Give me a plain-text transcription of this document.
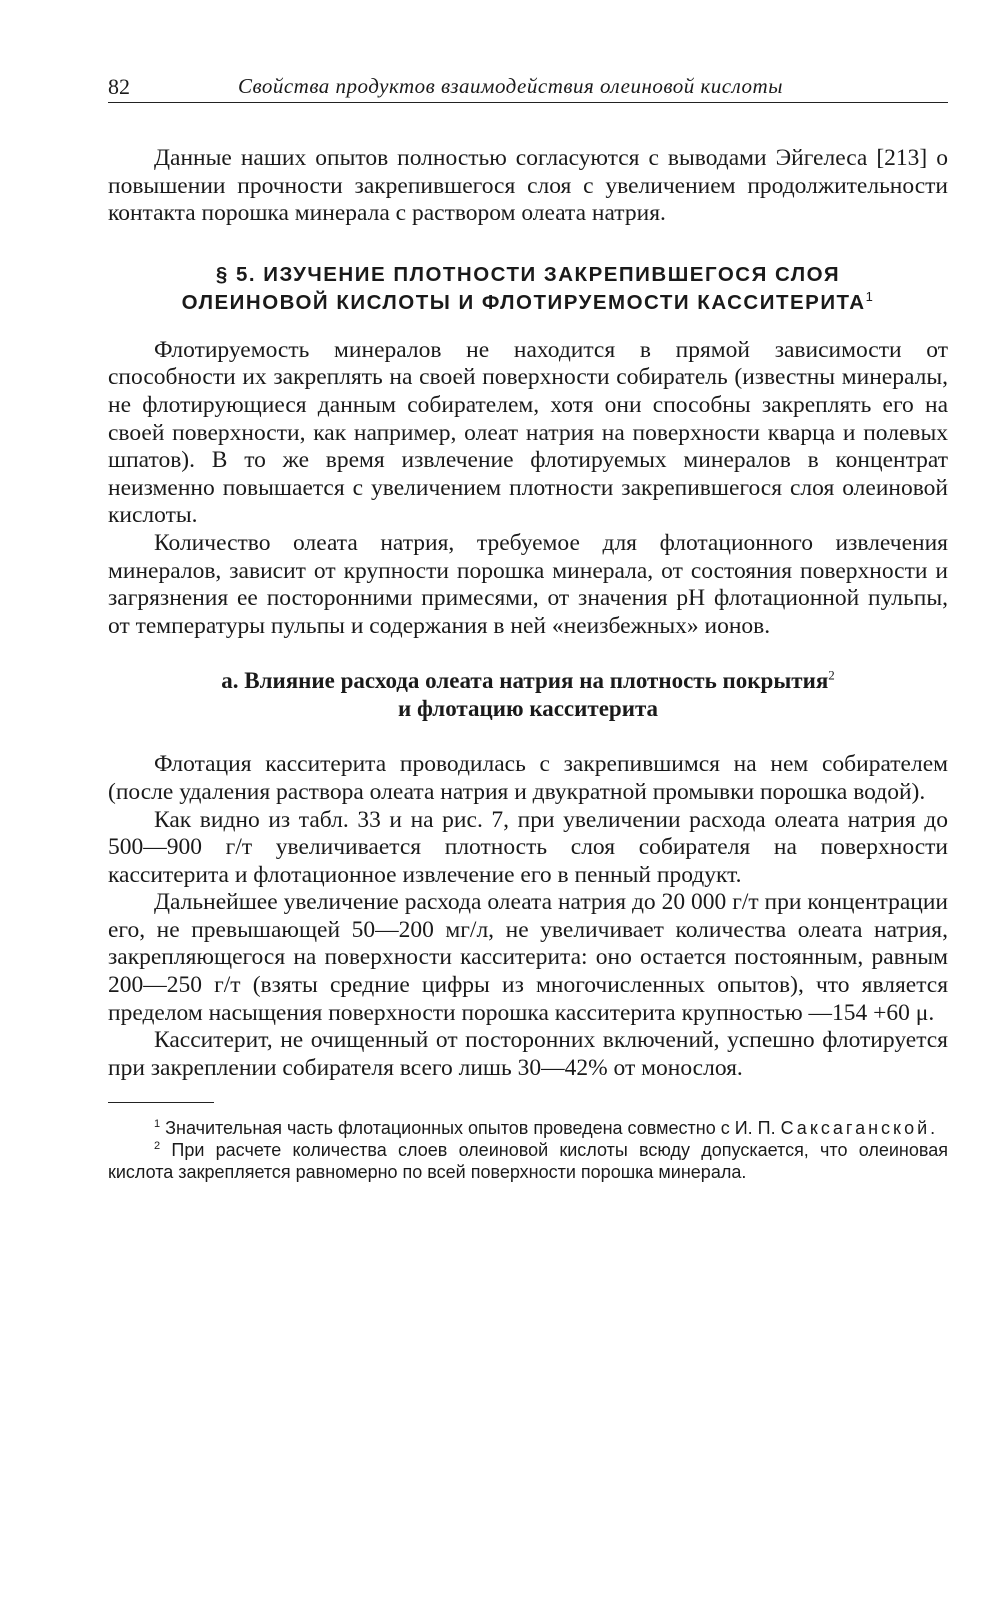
82	Свойства продуктов взаимодействия олеиновой кислоты

Данные наших опытов полностью согласуются с выводами Эйгелеса [213] о повышении прочности закрепившегося слоя с увеличением продолжительности контакта порошка минерала с раствором олеата натрия.

§ 5. ИЗУЧЕНИЕ ПЛОТНОСТИ ЗАКРЕПИВШЕГОСЯ СЛОЯ
ОЛЕИНОВОЙ КИСЛОТЫ И ФЛОТИРУЕМОСТИ КАССИТЕРИТА$^1$

Флотируемость минералов не находится в прямой зависимости от способности их закреплять на своей поверхности собиратель (известны минералы, не флотирующиеся данным собирателем, хотя они способны закреплять его на своей поверхности, как например, олеат натрия на поверхности кварца и полевых шпатов). В то же время извлечение флотируемых минералов в концентрат неизменно повышается с увеличением плотности закрепившегося слоя олеиновой кислоты.

Количество олеата натрия, требуемое для флотационного извлечения минералов, зависит от крупности порошка минерала, от состояния поверхности и загрязнения ее посторонними примесями, от значения pH флотационной пульпы, от температуры пульпы и содержания в ней «неизбежных» ионов.

а. Влияние расхода олеата натрия на плотность покрытия$^2$
и флотацию касситерита

Флотация касситерита проводилась с закрепившимся на нем собирателем (после удаления раствора олеата натрия и двукратной промывки порошка водой).

Как видно из табл. 33 и на рис. 7, при увеличении расхода олеата натрия до 500—900 г/т увеличивается плотность слоя собирателя на поверхности касситерита и флотационное извлечение его в пенный продукт.

Дальнейшее увеличение расхода олеата натрия до 20 000 г/т при концентрации его, не превышающей 50—200 мг/л, не увеличивает количества олеата натрия, закрепляющегося на поверхности касситерита: оно остается постоянным, равным 200—250 г/т (взяты средние цифры из многочисленных опытов), что является пределом насыщения поверхности порошка касситерита крупностью —154 +60 μ.

Касситерит, не очищенный от посторонних включений, успешно флотируется при закреплении собирателя всего лишь 30—42% от монослоя.

$^1$ Значительная часть флотационных опытов проведена совместно с И. П. Саксаганской.

$^2$ При расчете количества слоев олеиновой кислоты всюду допускается, что олеиновая кислота закрепляется равномерно по всей поверхности порошка минерала.
